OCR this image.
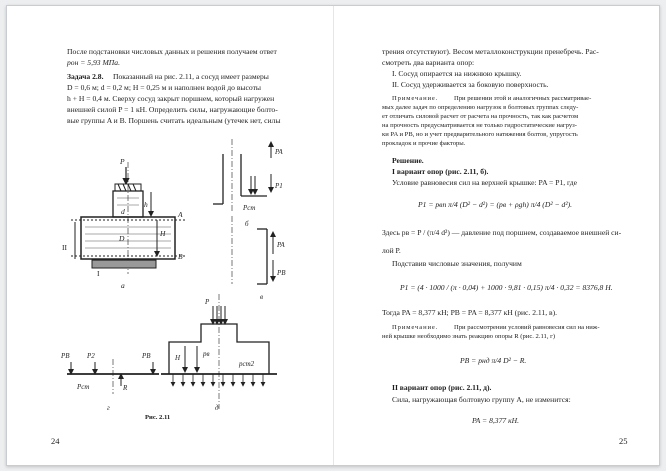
После подстановки числовых данных и решения получаем ответ

pон = 5,93 МПа.

Задача 2.8. Показанный на рис. 2.11, а сосуд имеет размеры

D = 0,6 м; d = 0,2 м; H = 0,25 м и наполнен водой до высоты

h + H = 0,4 м. Сверху сосуд закрыт поршнем, который нагружен

внешней силой P = 1 кН. Определить силы, нагружающие болто-

вые группы A и B. Поршень считать идеальным (утечек нет, силы

P
h
d
H
D
A
B
II
I
а
PA
P1
Pст
б
PA
PB
в
PB P2	PB
R
Pст
г
P
H	pв
pст2
д

Рис. 2.11

24

трения отсутствуют). Весом металлоконструкции пренебречь. Рас-

смотреть два варианта опор:

I. Сосуд опирается на нижнюю крышку.

II. Сосуд удерживается за боковую поверхность.

Примечание. При решении этой и аналогичных рассматривае-

мых далее задач по определению нагрузок в болтовых группах следу-

ет отличать силовой расчет от расчета на прочность, так как расчетом

на прочность предусматривается не только гидростатические нагруз-

ки PA и PB, но и учет предварительного натяжения болтов, упругость

прокладок и прочие факторы.

Решение.

I вариант опор (рис. 2.11, б).

Условие равновесия сил на верхней крышке: PA = P1, где

P1 = pвп π/4 (D² − d²) = (pв + ρgh) π/4 (D² − d²).

Здесь pв = P / (π/4 d²) — давление под поршнем, создаваемое внешней си-

лой P.

Подставив числовые значения, получим

P1 = (4 · 1000 / (π · 0,04) + 1000 · 9,81 · 0,15) π/4 · 0,32 = 8376,8 Н.

Тогда PA = 8,377 кН; PB = PA = 8,377 кН (рис. 2.11, в).

Примечание. При рассмотрении условий равновесия сил на ниж-

ней крышке необходимо знать реакцию опоры R (рис. 2.11, г)

PB = pнд π/4 D² − R.

II вариант опор (рис. 2.11, д).

Сила, нагружающая болтовую группу A, не изменится:

PA = 8,377 кН.

25
